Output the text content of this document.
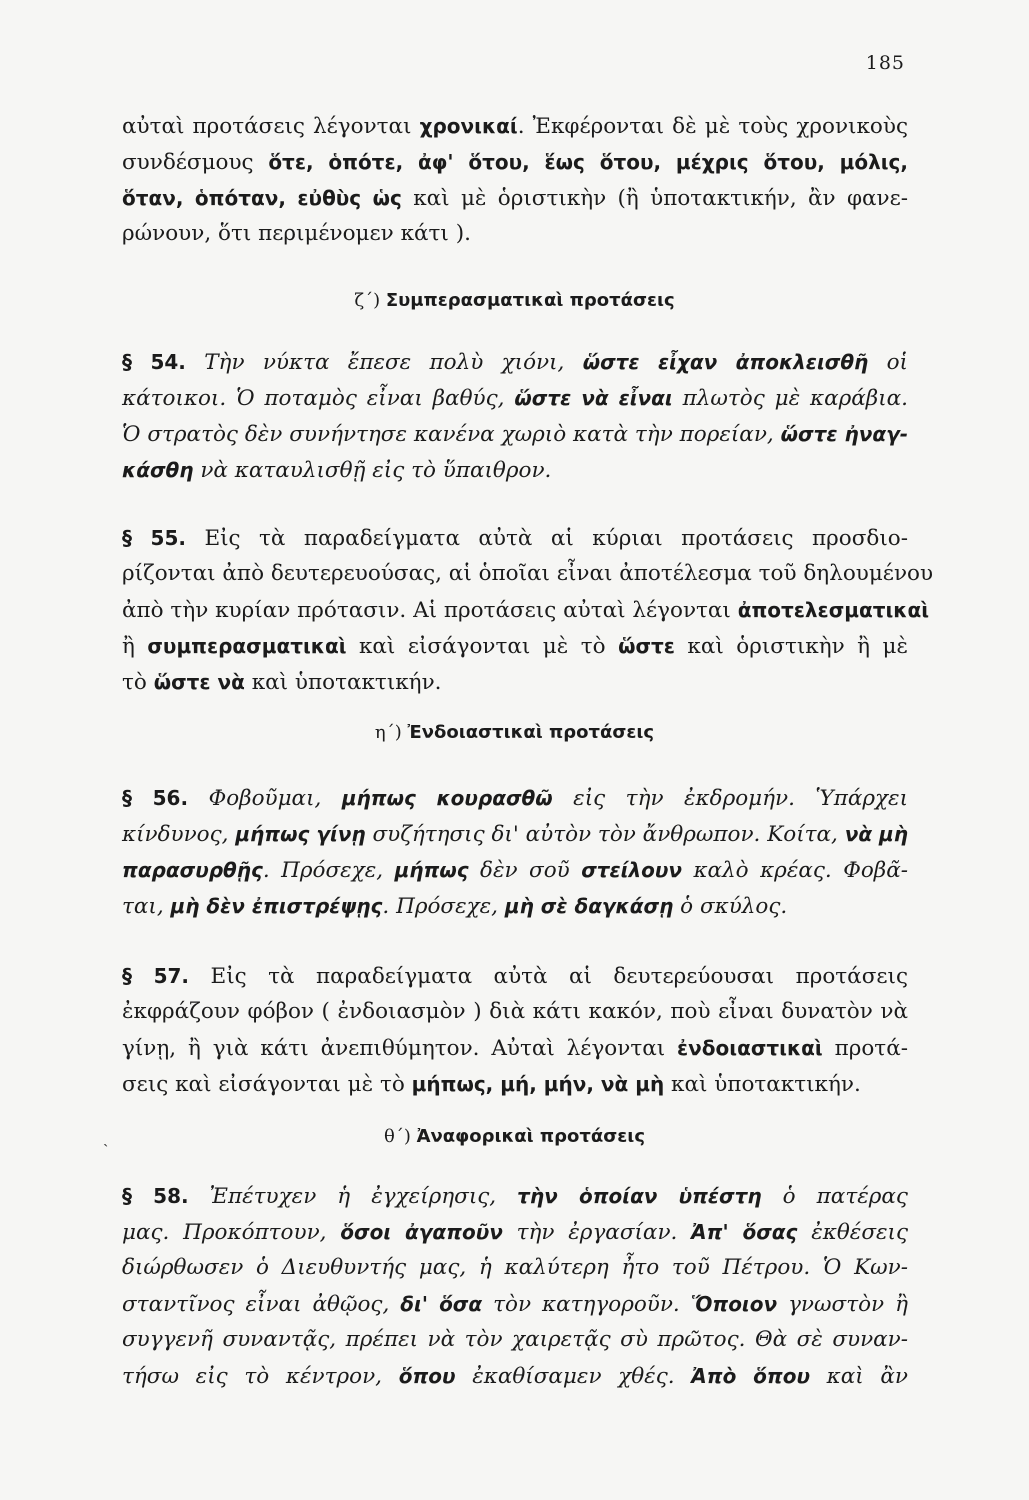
185
αὐταὶ προτάσεις λέγονται χρονικαί. Ἐκφέρονται δὲ μὲ τοὺς χρονικοὺς
συνδέσμους ὅτε, ὁπότε, ἀφ' ὅτου, ἕως ὅτου, μέχρις ὅτου, μόλις,
ὅταν, ὁπόταν, εὐθὺς ὡς καὶ μὲ ὁριστικὴν (ἢ ὑποτακτικήν, ἂν φανε-
ρώνουν, ὅτι περιμένομεν κάτι ).
ζ΄) Συμπερασματικαὶ προτάσεις
§ 54. Τὴν νύκτα ἔπεσε πολὺ χιόνι, ὥστε εἶχαν ἀποκλεισθῆ οἱ
κάτοικοι. Ὁ ποταμὸς εἶναι βαθύς, ὥστε νὰ εἶναι πλωτὸς μὲ καράβια.
Ὁ στρατὸς δὲν συνήντησε κανένα χωριὸ κατὰ τὴν πορείαν, ὥστε ἠναγ-
κάσθη νὰ καταυλισθῇ εἰς τὸ ὕπαιθρον.
§ 55. Εἰς τὰ παραδείγματα αὐτὰ αἱ κύριαι προτάσεις προσδιο-
ρίζονται ἀπὸ δευτερευούσας, αἱ ὁποῖαι εἶναι ἀποτέλεσμα τοῦ δηλουμένου
ἀπὸ τὴν κυρίαν πρότασιν. Αἱ προτάσεις αὐταὶ λέγονται ἀποτελεσματικαὶ
ἢ συμπερασματικαὶ καὶ εἰσάγονται μὲ τὸ ὥστε καὶ ὁριστικὴν ἢ μὲ
τὸ ὥστε νὰ καὶ ὑποτακτικήν.
η΄) Ἐνδοιαστικαὶ προτάσεις
§ 56. Φοβοῦμαι, μήπως κουρασθῶ εἰς τὴν ἐκδρομήν. Ὑπάρχει
κίνδυνος, μήπως γίνῃ συζήτησις δι' αὐτὸν τὸν ἄνθρωπον. Κοίτα, νὰ μὴ
παρασυρθῇς. Πρόσεχε, μήπως δὲν σοῦ στείλουν καλὸ κρέας. Φοβᾶ-
ται, μὴ δὲν ἐπιστρέψῃς. Πρόσεχε, μὴ σὲ δαγκάσῃ ὁ σκύλος.
§ 57. Εἰς τὰ παραδείγματα αὐτὰ αἱ δευτερεύουσαι προτάσεις
ἐκφράζουν φόβον ( ἐνδοιασμὸν ) διὰ κάτι κακόν, ποὺ εἶναι δυνατὸν νὰ
γίνῃ, ἢ γιὰ κάτι ἀνεπιθύμητον. Αὐταὶ λέγονται ἐνδοιαστικαὶ προτά-
σεις καὶ εἰσάγονται μὲ τὸ μήπως, μή, μήν, νὰ μὴ καὶ ὑποτακτικήν.
˴	θ΄) Ἀναφορικαὶ προτάσεις
§ 58. Ἐπέτυχεν ἡ ἐγχείρησις, τὴν ὁποίαν ὑπέστη ὁ πατέρας
μας. Προκόπτουν, ὅσοι ἀγαποῦν τὴν ἐργασίαν. Ἀπ' ὅσας ἐκθέσεις
διώρθωσεν ὁ Διευθυντής μας, ἡ καλύτερη ἦτο τοῦ Πέτρου. Ὁ Κων-
σταντῖνος εἶναι ἀθῷος, δι' ὅσα τὸν κατηγοροῦν. Ὅποιον γνωστὸν ἢ
συγγενῆ συναντᾷς, πρέπει νὰ τὸν χαιρετᾷς σὺ πρῶτος. Θὰ σὲ συναν-
τήσω εἰς τὸ κέντρον, ὅπου ἐκαθίσαμεν χθές. Ἀπὸ ὅπου καὶ ἂν
